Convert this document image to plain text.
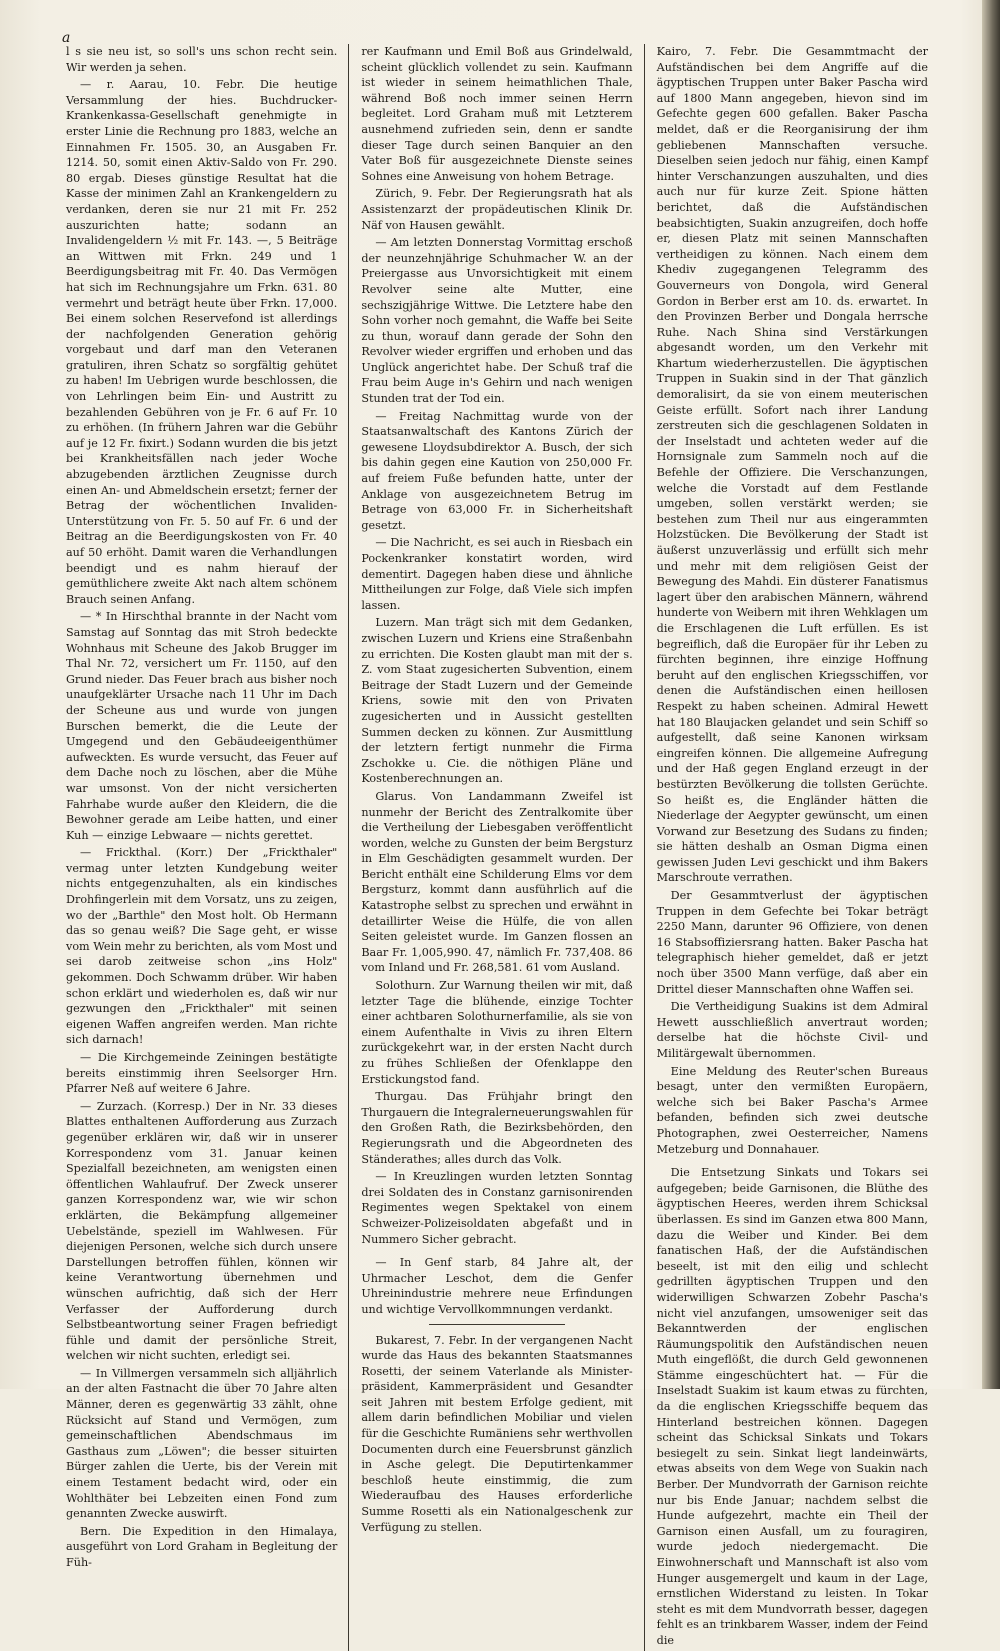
a

l s sie neu ist, so soll's uns schon recht sein. Wir werden ja sehen.

— r. Aarau, 10. Febr. Die heutige Versammlung der hies. Buchdrucker-Krankenkassa-Gesellschaft genehmigte in erster Linie die Rechnung pro 1883, welche an Einnahmen Fr. 1505. 30, an Ausgaben Fr. 1214. 50, somit einen Aktiv-Saldo von Fr. 290. 80 ergab. Dieses günstige Resultat hat die Kasse der minimen Zahl an Krankengeldern zu verdanken, deren sie nur 21 mit Fr. 252 auszurichten hatte; sodann an Invalidengeldern ½ mit Fr. 143. —, 5 Beiträge an Wittwen mit Frkn. 249 und 1 Beerdigungsbeitrag mit Fr. 40. Das Vermögen hat sich im Rechnungsjahre um Frkn. 631. 80 vermehrt und beträgt heute über Frkn. 17,000. Bei einem solchen Reservefond ist allerdings der nachfolgenden Generation gehörig vorgebaut und darf man den Veteranen gratuliren, ihren Schatz so sorgfältig gehütet zu haben! Im Uebrigen wurde beschlossen, die von Lehrlingen beim Ein- und Austritt zu bezahlenden Gebühren von je Fr. 6 auf Fr. 10 zu erhöhen. (In frühern Jahren war die Gebühr auf je 12 Fr. fixirt.) Sodann wurden die bis jetzt bei Krankheitsfällen nach jeder Woche abzugebenden ärztlichen Zeugnisse durch einen An- und Abmeldschein ersetzt; ferner der Betrag der wöchentlichen Invaliden-Unterstützung von Fr. 5. 50 auf Fr. 6 und der Beitrag an die Beerdigungskosten von Fr. 40 auf 50 erhöht. Damit waren die Verhandlungen beendigt und es nahm hierauf der gemüthlichere zweite Akt nach altem schönem Brauch seinen Anfang.

— * In Hirschthal brannte in der Nacht vom Samstag auf Sonntag das mit Stroh bedeckte Wohnhaus mit Scheune des Jakob Brugger im Thal Nr. 72, versichert um Fr. 1150, auf den Grund nieder. Das Feuer brach aus bisher noch unaufgeklärter Ursache nach 11 Uhr im Dach der Scheune aus und wurde von jungen Burschen bemerkt, die die Leute der Umgegend und den Gebäudeeigenthümer aufweckten. Es wurde versucht, das Feuer auf dem Dache noch zu löschen, aber die Mühe war umsonst. Von der nicht versicherten Fahrhabe wurde außer den Kleidern, die die Bewohner gerade am Leibe hatten, und einer Kuh — einzige Lebwaare — nichts gerettet.

— Frickthal. (Korr.) Der „Frickthaler" vermag unter letzten Kundgebung weiter nichts entgegenzuhalten, als ein kindisches Drohfingerlein mit dem Vorsatz, uns zu zeigen, wo der „Barthle" den Most holt. Ob Hermann das so genau weiß? Die Sage geht, er wisse vom Wein mehr zu berichten, als vom Most und sei darob zeitweise schon „ins Holz" gekommen. Doch Schwamm drüber. Wir haben schon erklärt und wiederholen es, daß wir nur gezwungen den „Frickthaler" mit seinen eigenen Waffen angreifen werden. Man richte sich darnach!

— Die Kirchgemeinde Zeiningen bestätigte bereits einstimmig ihren Seelsorger Hrn. Pfarrer Neß auf weitere 6 Jahre.

— Zurzach. (Korresp.) Der in Nr. 33 dieses Blattes enthaltenen Aufforderung aus Zurzach gegenüber erklären wir, daß wir in unserer Korrespondenz vom 31. Januar keinen Spezialfall bezeichneten, am wenigsten einen öffentlichen Wahlaufruf. Der Zweck unserer ganzen Korrespondenz war, wie wir schon erklärten, die Bekämpfung allgemeiner Uebelstände, speziell im Wahlwesen. Für diejenigen Personen, welche sich durch unsere Darstellungen betroffen fühlen, können wir keine Verantwortung übernehmen und wünschen aufrichtig, daß sich der Herr Verfasser der Aufforderung durch Selbstbeantwortung seiner Fragen befriedigt fühle und damit der persönliche Streit, welchen wir nicht suchten, erledigt sei.

— In Villmergen versammeln sich alljährlich an der alten Fastnacht die über 70 Jahre alten Männer, deren es gegenwärtig 33 zählt, ohne Rücksicht auf Stand und Vermögen, zum gemeinschaftlichen Abendschmaus im Gasthaus zum „Löwen"; die besser situirten Bürger zahlen die Uerte, bis der Verein mit einem Testament bedacht wird, oder ein Wohlthäter bei Lebzeiten einen Fond zum genannten Zwecke auswirft.

Bern. Die Expedition in den Himalaya, ausgeführt von Lord Graham in Begleitung der Füh-

rer Kaufmann und Emil Boß aus Grindelwald, scheint glücklich vollendet zu sein. Kaufmann ist wieder in seinem heimathlichen Thale, während Boß noch immer seinen Herrn begleitet. Lord Graham muß mit Letzterem ausnehmend zufrieden sein, denn er sandte dieser Tage durch seinen Banquier an den Vater Boß für ausgezeichnete Dienste seines Sohnes eine Anweisung von hohem Betrage.

Zürich, 9. Febr. Der Regierungsrath hat als Assistenzarzt der propädeutischen Klinik Dr. Näf von Hausen gewählt.

— Am letzten Donnerstag Vormittag erschoß der neunzehnjährige Schuhmacher W. an der Preiergasse aus Unvorsichtigkeit mit einem Revolver seine alte Mutter, eine sechszigjährige Wittwe. Die Letztere habe den Sohn vorher noch gemahnt, die Waffe bei Seite zu thun, worauf dann gerade der Sohn den Revolver wieder ergriffen und erhoben und das Unglück angerichtet habe. Der Schuß traf die Frau beim Auge in's Gehirn und nach wenigen Stunden trat der Tod ein.

— Freitag Nachmittag wurde von der Staatsanwaltschaft des Kantons Zürich der gewesene Lloydsubdirektor A. Busch, der sich bis dahin gegen eine Kaution von 250,000 Fr. auf freiem Fuße befunden hatte, unter der Anklage von ausgezeichnetem Betrug im Betrage von 63,000 Fr. in Sicherheitshaft gesetzt.

— Die Nachricht, es sei auch in Riesbach ein Pockenkranker konstatirt worden, wird dementirt. Dagegen haben diese und ähnliche Mittheilungen zur Folge, daß Viele sich impfen lassen.

Luzern. Man trägt sich mit dem Gedanken, zwischen Luzern und Kriens eine Straßenbahn zu errichten. Die Kosten glaubt man mit der s. Z. vom Staat zugesicherten Subvention, einem Beitrage der Stadt Luzern und der Gemeinde Kriens, sowie mit den von Privaten zugesicherten und in Aussicht gestellten Summen decken zu können. Zur Ausmittlung der letztern fertigt nunmehr die Firma Zschokke u. Cie. die nöthigen Pläne und Kostenberechnungen an.

Glarus. Von Landammann Zweifel ist nunmehr der Bericht des Zentralkomite über die Vertheilung der Liebesgaben veröffentlicht worden, welche zu Gunsten der beim Bergsturz in Elm Geschädigten gesammelt wurden. Der Bericht enthält eine Schilderung Elms vor dem Bergsturz, kommt dann ausführlich auf die Katastrophe selbst zu sprechen und erwähnt in detaillirter Weise die Hülfe, die von allen Seiten geleistet wurde. Im Ganzen flossen an Baar Fr. 1,005,990. 47, nämlich Fr. 737,408. 86 vom Inland und Fr. 268,581. 61 vom Ausland.

Solothurn. Zur Warnung theilen wir mit, daß letzter Tage die blühende, einzige Tochter einer achtbaren Solothurnerfamilie, als sie von einem Aufenthalte in Vivis zu ihren Eltern zurückgekehrt war, in der ersten Nacht durch zu frühes Schließen der Ofenklappe den Erstickungstod fand.

Thurgau. Das Frühjahr bringt den Thurgauern die Integralerneuerungswahlen für den Großen Rath, die Bezirksbehörden, den Regierungsrath und die Abgeordneten des Ständerathes; alles durch das Volk.

— In Kreuzlingen wurden letzten Sonntag drei Soldaten des in Constanz garnisonirenden Regimentes wegen Spektakel von einem Schweizer-Polizeisoldaten abgefaßt und in Nummero Sicher gebracht.

— In Genf starb, 84 Jahre alt, der Uhrmacher Leschot, dem die Genfer Uhreinindustrie mehrere neue Erfindungen und wichtige Vervollkommnungen verdankt.

Bukarest, 7. Febr. In der vergangenen Nacht wurde das Haus des bekannten Staatsmannes Rosetti, der seinem Vaterlande als Minister-präsident, Kammerpräsident und Gesandter seit Jahren mit bestem Erfolge gedient, mit allem darin befindlichen Mobiliar und vielen für die Geschichte Rumäniens sehr werthvollen Documenten durch eine Feuersbrunst gänzlich in Asche gelegt. Die Deputirtenkammer beschloß heute einstimmig, die zum Wiederaufbau des Hauses erforderliche Summe Rosetti als ein Nationalgeschenk zur Verfügung zu stellen.

Kairo, 7. Febr. Die Gesammtmacht der Aufständischen bei dem Angriffe auf die ägyptischen Truppen unter Baker Pascha wird auf 1800 Mann angegeben, hievon sind im Gefechte gegen 600 gefallen. Baker Pascha meldet, daß er die Reorganisirung der ihm gebliebenen Mannschaften versuche. Dieselben seien jedoch nur fähig, einen Kampf hinter Verschanzungen auszuhalten, und dies auch nur für kurze Zeit. Spione hätten berichtet, daß die Aufständischen beabsichtigten, Suakin anzugreifen, doch hoffe er, diesen Platz mit seinen Mannschaften vertheidigen zu können. Nach einem dem Khediv zugegangenen Telegramm des Gouverneurs von Dongola, wird General Gordon in Berber erst am 10. ds. erwartet. In den Provinzen Berber und Dongala herrsche Ruhe. Nach Shina sind Verstärkungen abgesandt worden, um den Verkehr mit Khartum wiederherzustellen. Die ägyptischen Truppen in Suakin sind in der That gänzlich demoralisirt, da sie von einem meuterischen Geiste erfüllt. Sofort nach ihrer Landung zerstreuten sich die geschlagenen Soldaten in der Inselstadt und achteten weder auf die Hornsignale zum Sammeln noch auf die Befehle der Offiziere. Die Verschanzungen, welche die Vorstadt auf dem Festlande umgeben, sollen verstärkt werden; sie bestehen zum Theil nur aus eingerammten Holzstücken. Die Bevölkerung der Stadt ist äußerst unzuverlässig und erfüllt sich mehr und mehr mit dem religiösen Geist der Bewegung des Mahdi. Ein düsterer Fanatismus lagert über den arabischen Männern, während hunderte von Weibern mit ihren Wehklagen um die Erschlagenen die Luft erfüllen. Es ist begreiflich, daß die Europäer für ihr Leben zu fürchten beginnen, ihre einzige Hoffnung beruht auf den englischen Kriegsschiffen, vor denen die Aufständischen einen heillosen Respekt zu haben scheinen. Admiral Hewett hat 180 Blaujacken gelandet und sein Schiff so aufgestellt, daß seine Kanonen wirksam eingreifen können. Die allgemeine Aufregung und der Haß gegen England erzeugt in der bestürzten Bevölkerung die tollsten Gerüchte. So heißt es, die Engländer hätten die Niederlage der Aegypter gewünscht, um einen Vorwand zur Besetzung des Sudans zu finden; sie hätten deshalb an Osman Digma einen gewissen Juden Levi geschickt und ihm Bakers Marschroute verrathen.

Der Gesammtverlust der ägyptischen Truppen in dem Gefechte bei Tokar beträgt 2250 Mann, darunter 96 Offiziere, von denen 16 Stabsoffiziersrang hatten. Baker Pascha hat telegraphisch hieher gemeldet, daß er jetzt noch über 3500 Mann verfüge, daß aber ein Drittel dieser Mannschaften ohne Waffen sei.

Die Vertheidigung Suakins ist dem Admiral Hewett ausschließlich anvertraut worden; derselbe hat die höchste Civil- und Militärgewalt übernommen.

Eine Meldung des Reuter'schen Bureaus besagt, unter den vermißten Europäern, welche sich bei Baker Pascha's Armee befanden, befinden sich zwei deutsche Photographen, zwei Oesterreicher, Namens Metzeburg und Donnahauer.

Die Entsetzung Sinkats und Tokars sei aufgegeben; beide Garnisonen, die Blüthe des ägyptischen Heeres, werden ihrem Schicksal überlassen. Es sind im Ganzen etwa 800 Mann, dazu die Weiber und Kinder. Bei dem fanatischen Haß, der die Aufständischen beseelt, ist mit den eilig und schlecht gedrillten ägyptischen Truppen und den widerwilligen Schwarzen Zobehr Pascha's nicht viel anzufangen, umsoweniger seit das Bekanntwerden der englischen Räumungspolitik den Aufständischen neuen Muth eingeflößt, die durch Geld gewonnenen Stämme eingeschüchtert hat. — Für die Inselstadt Suakim ist kaum etwas zu fürchten, da die englischen Kriegsschiffe bequem das Hinterland bestreichen können. Dagegen scheint das Schicksal Sinkats und Tokars besiegelt zu sein. Sinkat liegt landeinwärts, etwas abseits von dem Wege von Suakin nach Berber. Der Mundvorrath der Garnison reichte nur bis Ende Januar; nachdem selbst die Hunde aufgezehrt, machte ein Theil der Garnison einen Ausfall, um zu fouragiren, wurde jedoch niedergemacht. Die Einwohnerschaft und Mannschaft ist also vom Hunger ausgemergelt und kaum in der Lage, ernstlichen Widerstand zu leisten. In Tokar steht es mit dem Mundvorrath besser, dagegen fehlt es an trinkbarem Wasser, indem der Feind die
